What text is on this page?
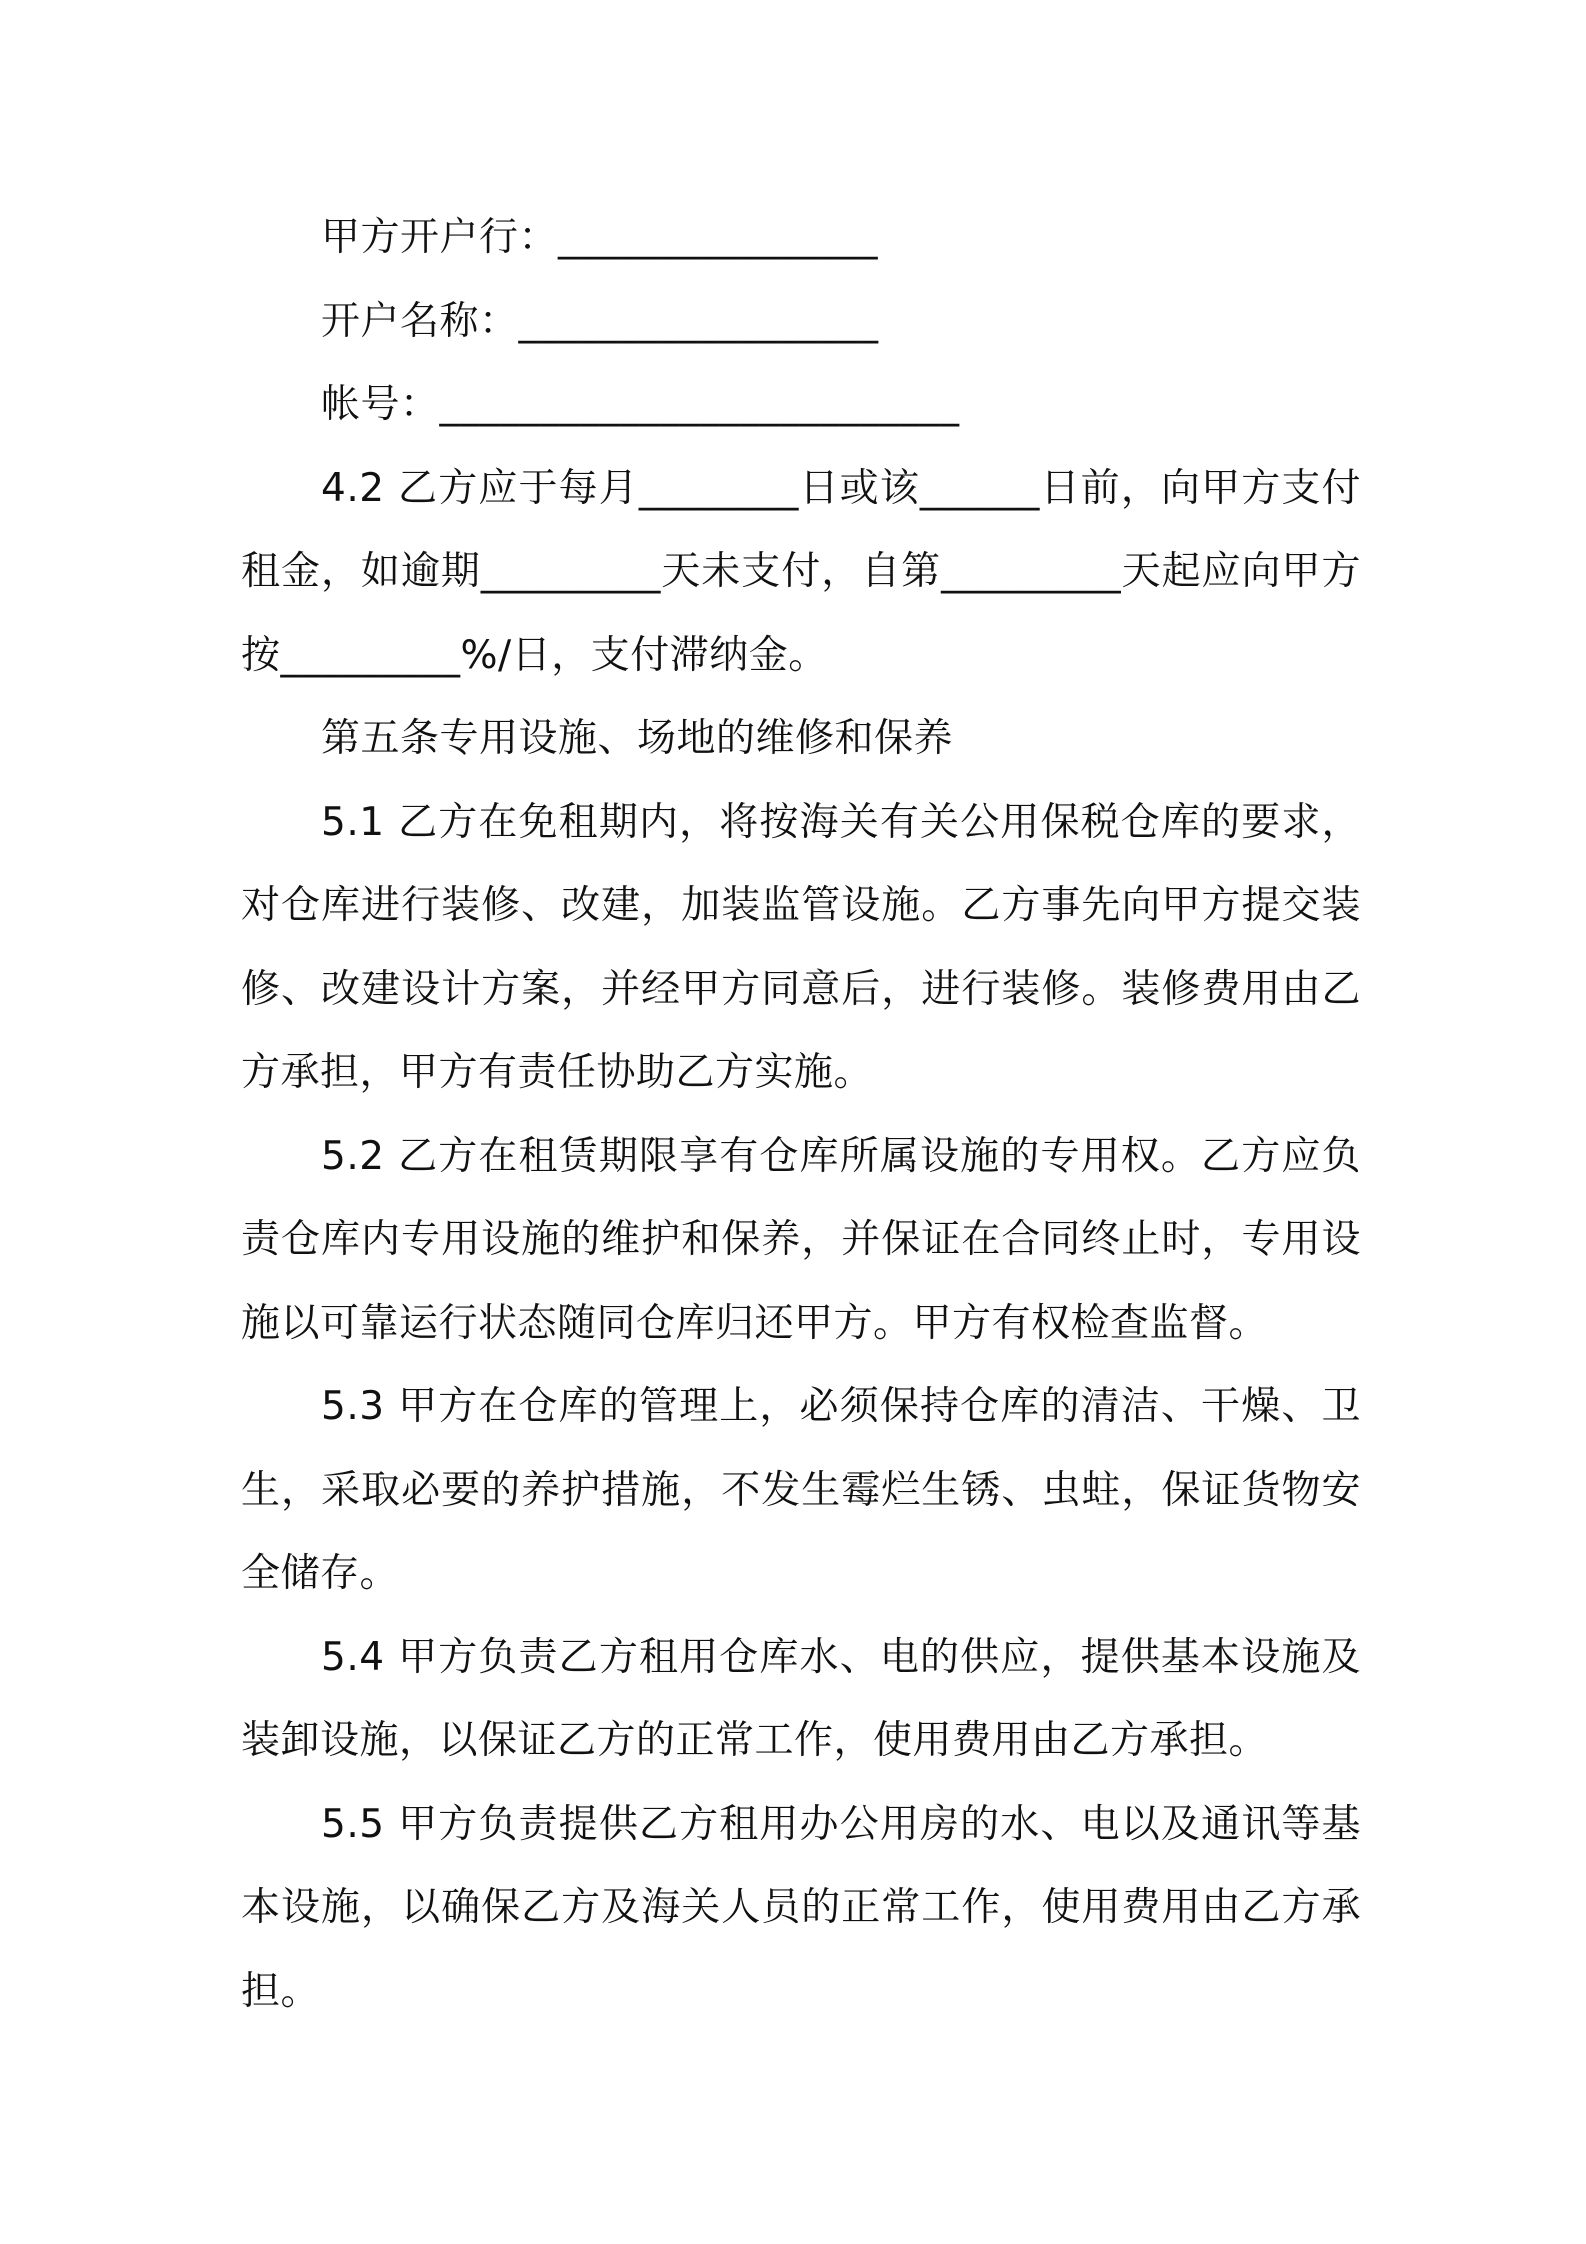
甲方开户行：________________

开户名称：__________________

帐号：__________________________

4.2 乙方应于每月________日或该______日前，向甲方支付租金，如逾期_________天未支付，自第_________天起应向甲方按_________%/日，支付滞纳金。

第五条专用设施、场地的维修和保养

5.1 乙方在免租期内，将按海关有关公用保税仓库的要求，对仓库进行装修、改建，加装监管设施。乙方事先向甲方提交装修、改建设计方案，并经甲方同意后，进行装修。装修费用由乙方承担，甲方有责任协助乙方实施。

5.2 乙方在租赁期限享有仓库所属设施的专用权。乙方应负责仓库内专用设施的维护和保养，并保证在合同终止时，专用设施以可靠运行状态随同仓库归还甲方。甲方有权检查监督。

5.3 甲方在仓库的管理上，必须保持仓库的清洁、干燥、卫生，采取必要的养护措施，不发生霉烂生锈、虫蛀，保证货物安全储存。

5.4 甲方负责乙方租用仓库水、电的供应，提供基本设施及装卸设施，以保证乙方的正常工作，使用费用由乙方承担。

5.5 甲方负责提供乙方租用办公用房的水、电以及通讯等基本设施，以确保乙方及海关人员的正常工作，使用费用由乙方承担。
